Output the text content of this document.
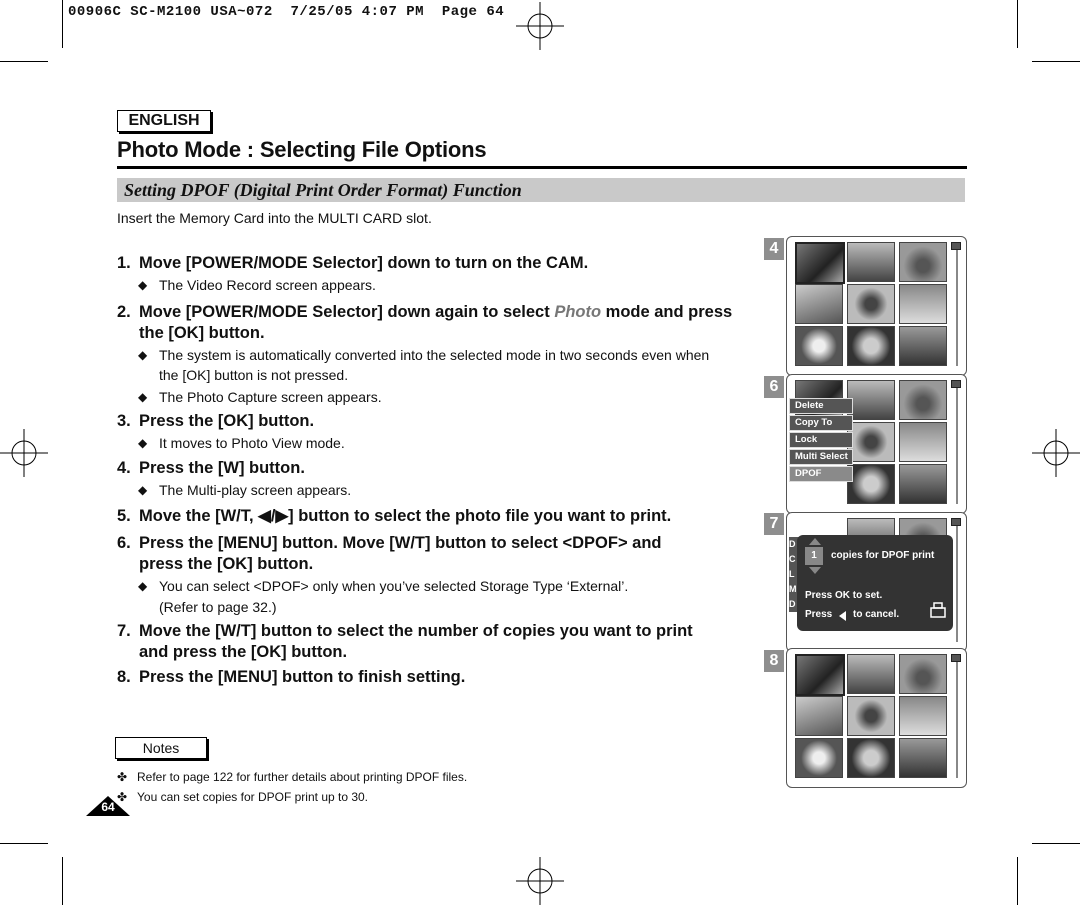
00906C SC-M2100 USA~072  7/25/05 4:07 PM  Page 64
ENGLISH
Photo Mode : Selecting File Options
Setting DPOF (Digital Print Order Format) Function
Insert the Memory Card into the MULTI CARD slot.
1. Move [POWER/MODE Selector] down to turn on the CAM.
◆ The Video Record screen appears.
2. Move [POWER/MODE Selector] down again to select Photo mode and press the [OK] button.
◆ The system is automatically converted into the selected mode in two seconds even when the [OK] button is not pressed.
◆ The Photo Capture screen appears.
3. Press the [OK] button.
◆ It moves to Photo View mode.
4. Press the [W] button.
◆ The Multi-play screen appears.
5. Move the [W/T, ◀/▶] button to select the photo file you want to print.
6. Press the [MENU] button. Move [W/T] button to select <DPOF> and press the [OK] button.
◆ You can select <DPOF> only when you’ve selected Storage Type ‘External’. (Refer to page 32.)
7. Move the [W/T] button to select the number of copies you want to print and press the [OK] button.
8. Press the [MENU] button to finish setting.
4
6
Delete
Copy To
Lock
Multi Select
DPOF
7
D
C
L
M
D
1	copies for DPOF print
Press OK to set.
Press to cancel.
8
Notes
✤ Refer to page 122 for further details about printing DPOF files.
✤ You can set copies for DPOF print up to 30.
64
